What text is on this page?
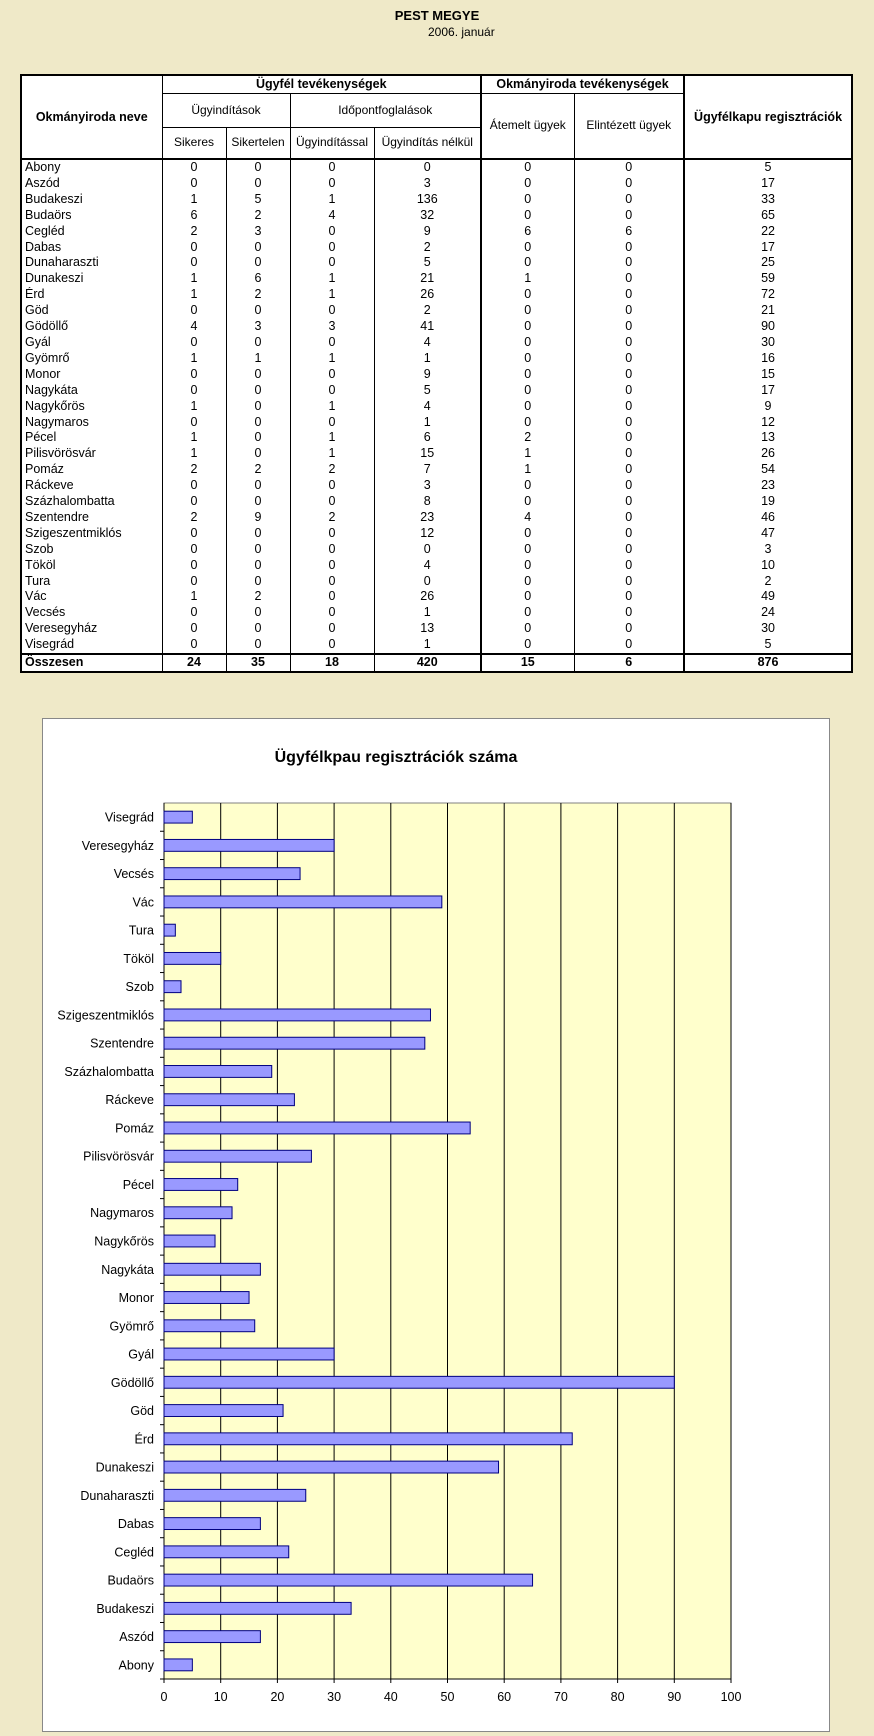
PEST MEGYE
2006. január
Okmányiroda neve	Ügyfél tevékenységek				Okmányiroda tevékenységek		Ügyfélkapu regisztrációk
	Ügyindítások		Időpontfoglalások		Átemelt ügyek	Elintézett ügyek	
	Sikeres	Sikertelen	Ügyindítással	Ügyindítás nélkül			
Abony	0	0	0	0	0	0	5
Aszód	0	0	0	3	0	0	17
Budakeszi	1	5	1	136	0	0	33
Budaörs	6	2	4	32	0	0	65
Cegléd	2	3	0	9	6	6	22
Dabas	0	0	0	2	0	0	17
Dunaharaszti	0	0	0	5	0	0	25
Dunakeszi	1	6	1	21	1	0	59
Érd	1	2	1	26	0	0	72
Göd	0	0	0	2	0	0	21
Gödöllő	4	3	3	41	0	0	90
Gyál	0	0	0	4	0	0	30
Gyömrő	1	1	1	1	0	0	16
Monor	0	0	0	9	0	0	15
Nagykáta	0	0	0	5	0	0	17
Nagykőrös	1	0	1	4	0	0	9
Nagymaros	0	0	0	1	0	0	12
Pécel	1	0	1	6	2	0	13
Pilisvörösvár	1	0	1	15	1	0	26
Pomáz	2	2	2	7	1	0	54
Ráckeve	0	0	0	3	0	0	23
Százhalombatta	0	0	0	8	0	0	19
Szentendre	2	9	2	23	4	0	46
Szigeszentmiklós	0	0	0	12	0	0	47
Szob	0	0	0	0	0	0	3
Tököl	0	0	0	4	0	0	10
Tura	0	0	0	0	0	0	2
Vác	1	2	0	26	0	0	49
Vecsés	0	0	0	1	0	0	24
Veresegyház	0	0	0	13	0	0	30
Visegrád	0	0	0	1	0	0	5
Összesen	24	35	18	420	15	6	876
Ügyfélkpau regisztrációk száma
0	10	20	30	40	50	60	70	80	90	100
Abony
Aszód
Budakeszi
Budaörs
Cegléd
Dabas
Dunaharaszti
Dunakeszi
Érd
Göd
Gödöllő
Gyál
Gyömrő
Monor
Nagykáta
Nagykőrös
Nagymaros
Pécel
Pilisvörösvár
Pomáz
Ráckeve
Százhalombatta
Szentendre
Szigeszentmiklós
Szob
Tököl
Tura
Vác
Vecsés
Veresegyház
Visegrád
